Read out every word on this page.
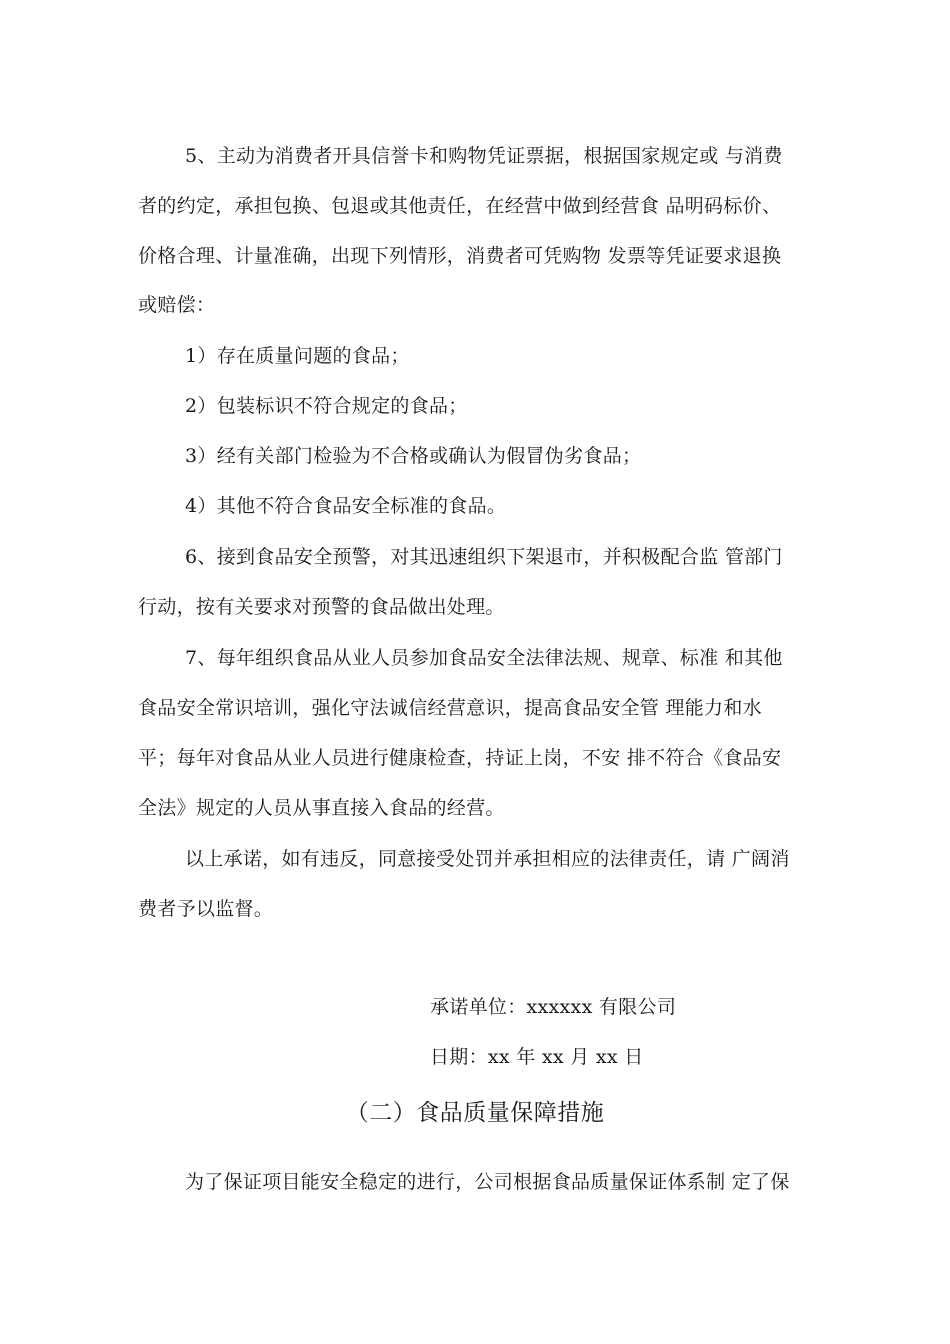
5、主动为消费者开具信誉卡和购物凭证票据，根据国家规定或 与消费
者的约定，承担包换、包退或其他责任，在经营中做到经营食 品明码标价、
价格合理、计量准确，出现下列情形，消费者可凭购物 发票等凭证要求退换
或赔偿：
1）存在质量问题的食品；
2）包装标识不符合规定的食品；
3）经有关部门检验为不合格或确认为假冒伪劣食品；
4）其他不符合食品安全标准的食品。
6、接到食品安全预警，对其迅速组织下架退市，并积极配合监 管部门
行动，按有关要求对预警的食品做出处理。
7、每年组织食品从业人员参加食品安全法律法规、规章、标准 和其他
食品安全常识培训，强化守法诚信经营意识，提高食品安全管 理能力和水
平；每年对食品从业人员进行健康检查，持证上岗，不安 排不符合《食品安
全法》规定的人员从事直接入食品的经营。
以上承诺，如有违反，同意接受处罚并承担相应的法律责任，请 广阔消
费者予以监督。
承诺单位：xxxxxx 有限公司
日期：xx 年 xx 月 xx 日
（二）食品质量保障措施
为了保证项目能安全稳定的进行，公司根据食品质量保证体系制 定了保
